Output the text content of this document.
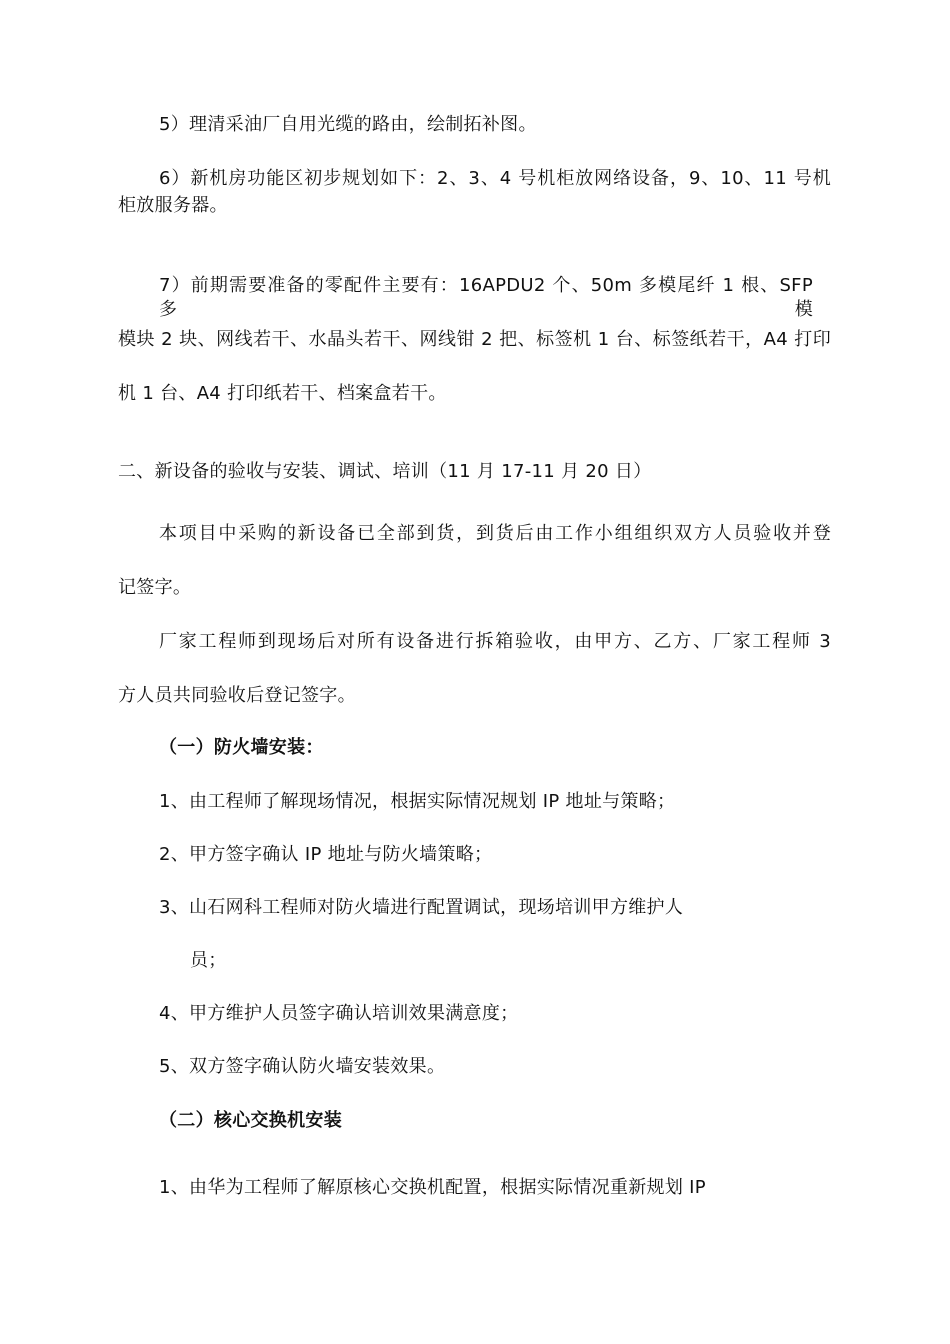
5）理清采油厂自用光缆的路由，绘制拓补图。
6）新机房功能区初步规划如下：2、3、4 号机柜放网络设备，9、10、11 号机
柜放服务器。
7）前期需要准备的零配件主要有：16APDU2 个、50m 多模尾纤 1 根、SFP 多模
模块 2 块、网线若干、水晶头若干、网线钳 2 把、标签机 1 台、标签纸若干，A4 打印
机 1 台、A4 打印纸若干、档案盒若干。
二、新设备的验收与安装、调试、培训（11 月 17-11 月 20 日）
本项目中采购的新设备已全部到货，到货后由工作小组组织双方人员验收并登
记签字。
厂家工程师到现场后对所有设备进行拆箱验收，由甲方、乙方、厂家工程师 3
方人员共同验收后登记签字。
（一）防火墙安装：
1、由工程师了解现场情况，根据实际情况规划 IP 地址与策略；
2、甲方签字确认 IP 地址与防火墙策略；
3、山石网科工程师对防火墙进行配置调试，现场培训甲方维护人
员；
4、甲方维护人员签字确认培训效果满意度；
5、双方签字确认防火墙安装效果。
（二）核心交换机安装
1、由华为工程师了解原核心交换机配置，根据实际情况重新规划 IP
